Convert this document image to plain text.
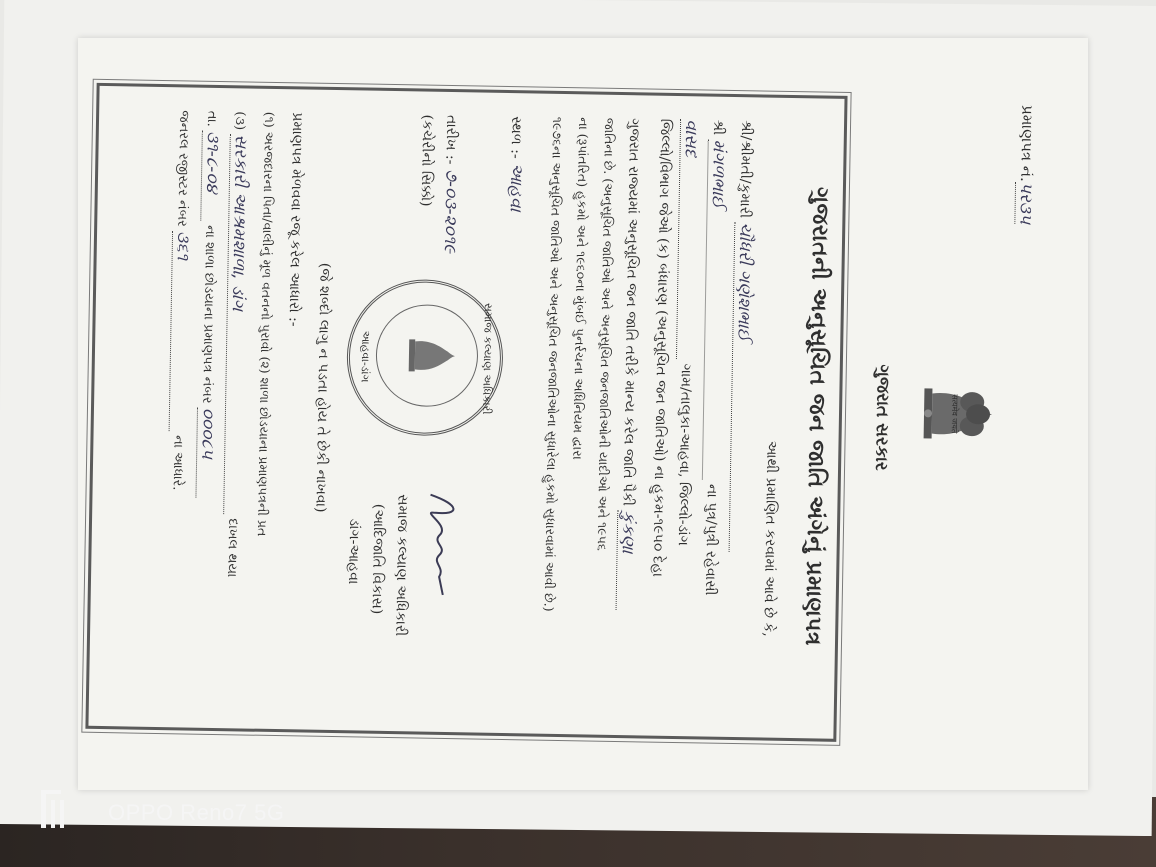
પ્રમાણપત્ર નં.પર૩૫
सत्यमेव जयते
ગુજરાત સરકાર
ગુજરાતની અનુસૂચિત જન જાતિ અંગેનું પ્રમાણપત્ર
આથી પ્રમાણિત કરવામાં આવે છે કે,
શ્રી/શ્રીમતી/કુમારી ચૌધરી ગણેશભાઈ
શ્રી મંગળભાઈ ના પુત્ર/પુત્રી રહેવાસી
વાસદ ગામ/તાલુકા-આહવા, જિલ્લો-ડાંગ
જિલ્લો/વિભાગ જેઓ (ક) બંધારણ (અનુસૂચિત જન જાતિઓ) ના હુકમ-૧૯૫૦ દેહા
ગુજરાત રાજ્યમાં અનુસૂચિત જન જાતિ તરીકે માન્ય કરેલ જાતિ પૈકી કુંકણા
જાતિના છે. (અનુસૂચિત જાતિઓ અને અનુસૂચિત જનજાતિઓની યાદીઓ અને ૧૯૫૬
ના (રૂપાંતરિત) હુકમો અને ૧૯૬૦ના મુંબઈ પુનર્રચના અધિનિયમ દ્વારા
૧૯૭૬ના અનુસૂચિત જાતિઓ અને અનુસૂચિત જનજાતિઓના સુધારેલા હુકમો સુધારવામાં આવી છે.)
સ્થળ :- આહવા
તારીખ :- ૭-૦૩-૨૦૧૯
(કચેરીનો સિક્કો)
સમાજ કલ્યાણ અધિકારી
આહવા-ડાંગ
સમાજ કલ્યાણ અધિકારી
(આદિજાતિ વિકાસ)
ડાંગ-આહવા
(જે શબ્દો લાગુ ન પડતા હોય તે છેકી નાખવા)
પ્રમાણપત્ર મેળવવા રજૂ કરેલ આધારો :-
(૧) અરજદારના પિતા/વાલીનું મૂળ વતનનો પુરાવો (૨) શાળા છોડયાના પ્રમાણપત્રની પ્રત
(૩) સરકારી આશ્રમશાળા, ડાંગ દાખલ થયા
તા. ૩૧-૮-૦૪ ના શાળા છોડયાના પ્રમાણપત્ર નંબર ૦૦૦૮૫
જનરલ રજીસ્ટર નંબર ૩૬૧ ના આધારે.
OPPO Reno7 5G
